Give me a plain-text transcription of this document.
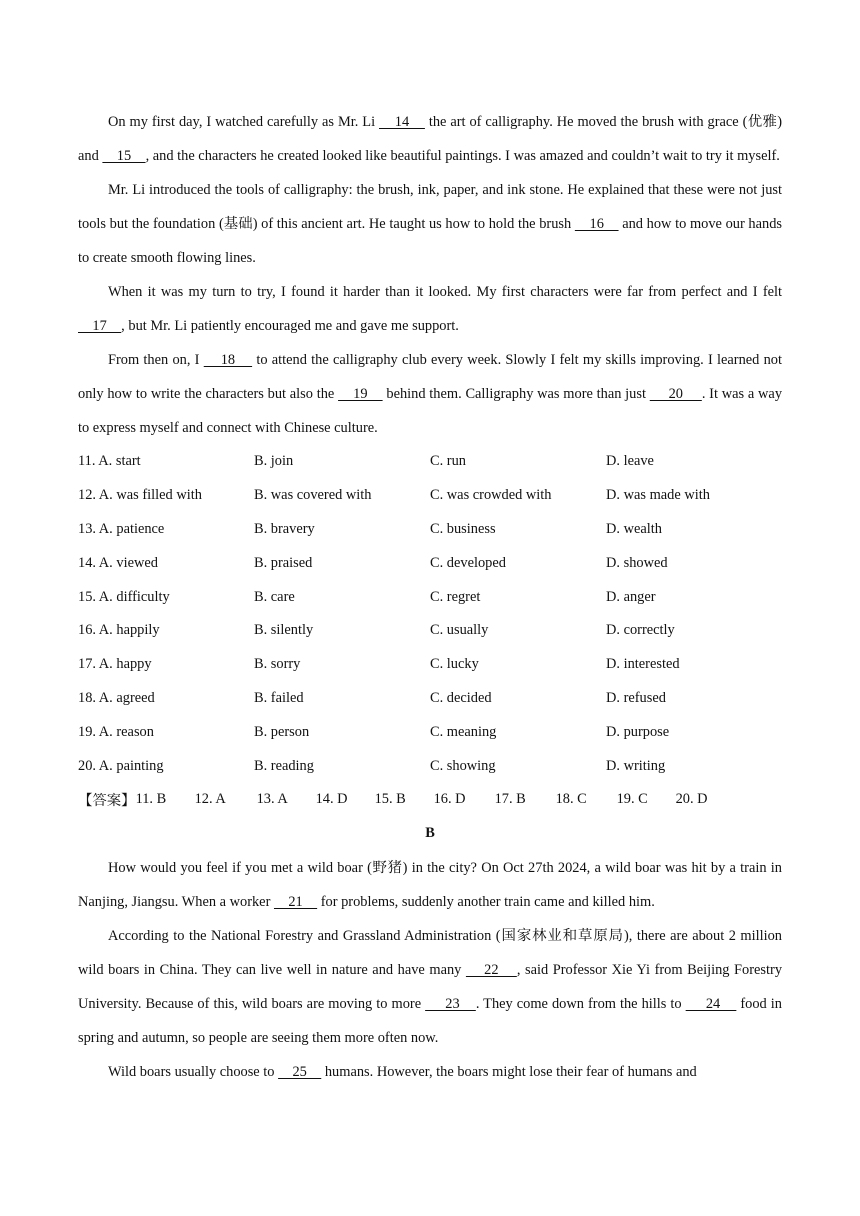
On my first day, I watched carefully as Mr. Li     14     the art of calligraphy. He moved the brush with grace (优雅) and     15    , and the characters he created looked like beautiful paintings. I was amazed and couldn’t wait to try it myself.

Mr. Li introduced the tools of calligraphy: the brush, ink, paper, and ink stone. He explained that these were not just tools but the foundation (基础) of this ancient art. He taught us how to hold the brush     16     and how to move our hands to create smooth flowing lines.

When it was my turn to try, I found it harder than it looked. My first characters were far from perfect and I felt     17    , but Mr. Li patiently encouraged me and gave me support.

From then on, I     18     to attend the calligraphy club every week. Slowly I felt my skills improving. I learned not only how to write the characters but also the     19     behind them. Calligraphy was more than just      20     . It was a way to express myself and connect with Chinese culture.

11. A. start	B. join	C. run	D. leave
12. A. was filled with	B. was covered with	C. was crowded with	D. was made with
13. A. patience	B. bravery	C. business	D. wealth
14. A. viewed	B. praised	C. developed	D. showed
15. A. difficulty	B. care	C. regret	D. anger
16. A. happily	B. silently	C. usually	D. correctly
17. A. happy	B. sorry	C. lucky	D. interested
18. A. agreed	B. failed	C. decided	D. refused
19. A. reason	B. person	C. meaning	D. purpose
20. A. painting	B. reading	C. showing	D. writing
【答案】 11. B	12. A	13. A	14. D	15. B	16. D	17. B	18. C	19. C	20. D
B

How would you feel if you met a wild boar (野猪) in the city? On Oct 27th 2024, a wild boar was hit by a train in Nanjing, Jiangsu. When a worker     21     for problems, suddenly another train came and killed him.

According to the National Forestry and Grassland Administration (国家林业和草原局), there are about 2 million wild boars in China. They can live well in nature and have many     22    , said Professor Xie Yi from Beijing Forestry University. Because of this, wild boars are moving to more      23    . They come down from the hills to      24     food in spring and autumn, so people are seeing them more often now.

Wild boars usually choose to     25     humans. However, the boars might lose their fear of humans and
